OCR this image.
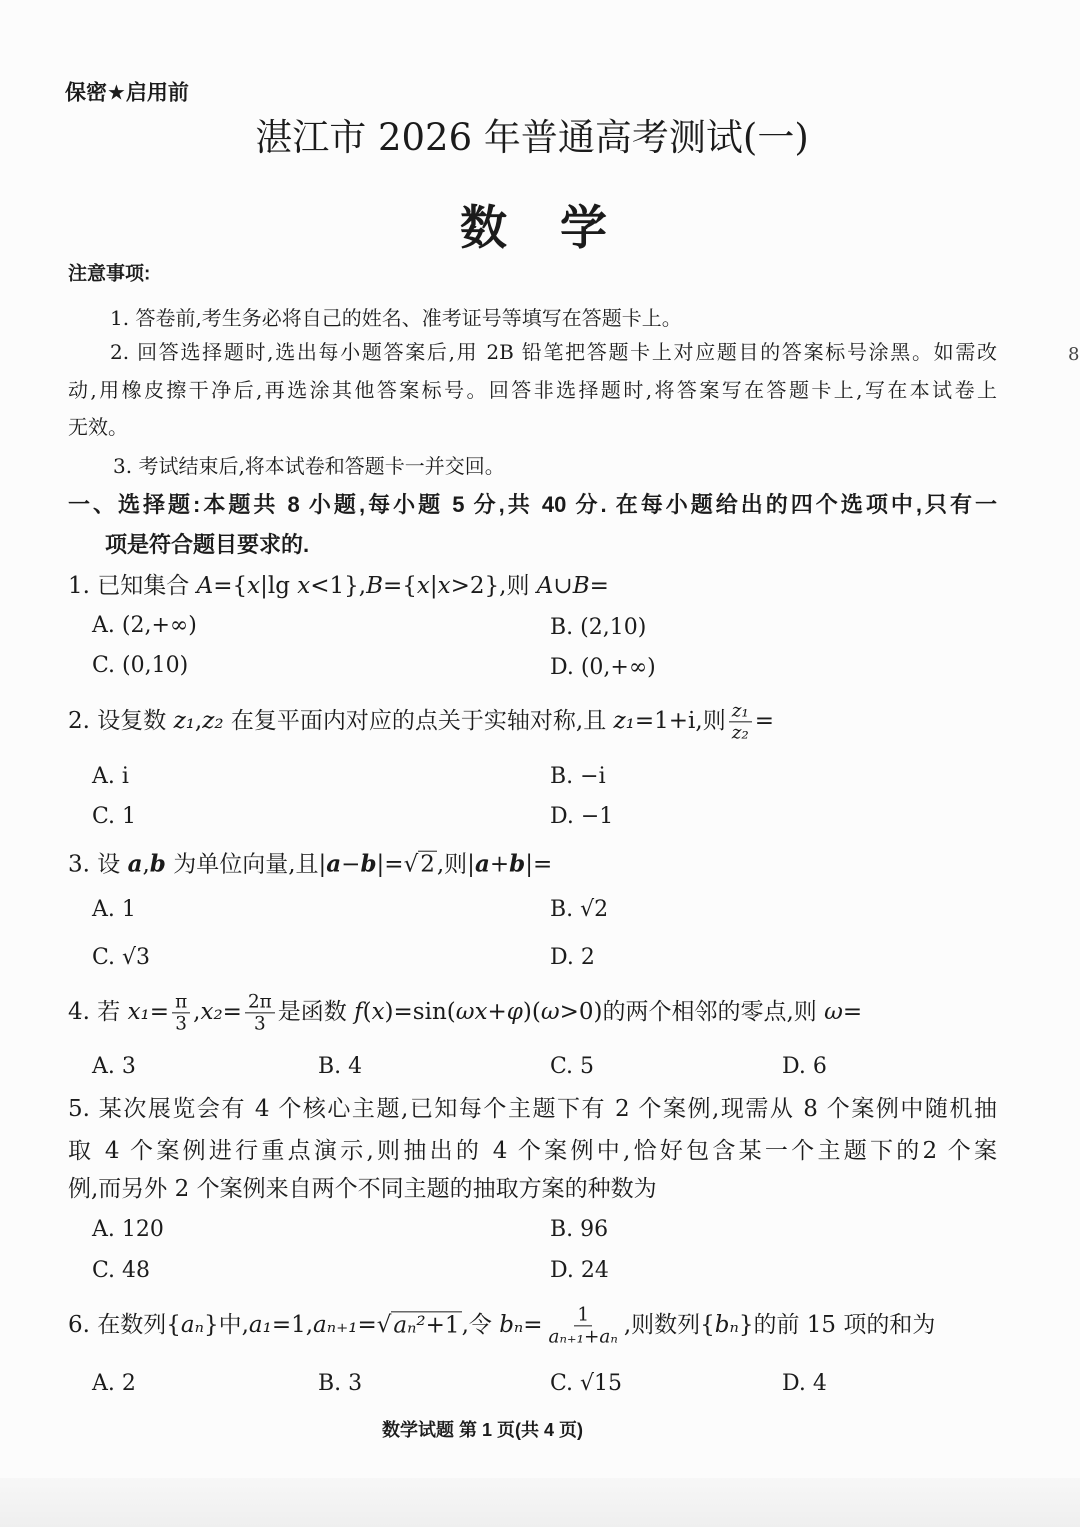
保密★启用前
湛江市 2026 年普通高考测试(一)
数学
8
注意事项:
1. 答卷前,考生务必将自己的姓名、准考证号等填写在答题卡上。
2. 回答选择题时,选出每小题答案后,用 2B 铅笔把答题卡上对应题目的答案标号涂黑。如需改
动,用橡皮擦干净后,再选涂其他答案标号。回答非选择题时,将答案写在答题卡上,写在本试卷上
无效。
3. 考试结束后,将本试卷和答题卡一并交回。
一、选择题:本题共 8 小题,每小题 5 分,共 40 分. 在每小题给出的四个选项中,只有一
项是符合题目要求的.
1. 已知集合 A={x|lg x<1},B={x|x>2},则 A∪B=
A. (2,+∞)	B. (2,10)
C. (0,10)	D. (0,+∞)
2. 设复数 z₁,z₂ 在复平面内对应的点关于实轴对称,且 z₁=1+i,则 $\frac{\text{z₁}}{\text{z₂}}$ =
A. i	B. −i
C. 1	D. −1
3. 设 a,b 为单位向量,且|a−b|=√2,则|a+b|=
A. 1	B. √2
C. √3	D. 2
4. 若 $x_1= \frac{\pi}{3} ,x_2= \frac{2\pi}{3}$ 是函数 f(x)=sin(ωx+φ)(ω>0)的两个相邻的零点,则 ω=
A. 3	B. 4	C. 5	D. 6
5. 某次展览会有 4 个核心主题,已知每个主题下有 2 个案例,现需从 8 个案例中随机抽
取 4 个案例进行重点演示,则抽出的 4 个案例中,恰好包含某一个主题下的2 个案
例,而另外 2 个案例来自两个不同主题的抽取方案的种数为
A. 120	B. 96
C. 48	D. 24
6. 在数列{aₙ}中,a₁=1,aₙ₊₁=√aₙ²+1,令 $b_n= \frac{1}{\text{aₙ₊₁+aₙ}}$ ,则数列{bₙ}的前 15 项的和为
A. 2	B. 3	C. √15	D. 4
数学试题 第 1 页(共 4 页)
